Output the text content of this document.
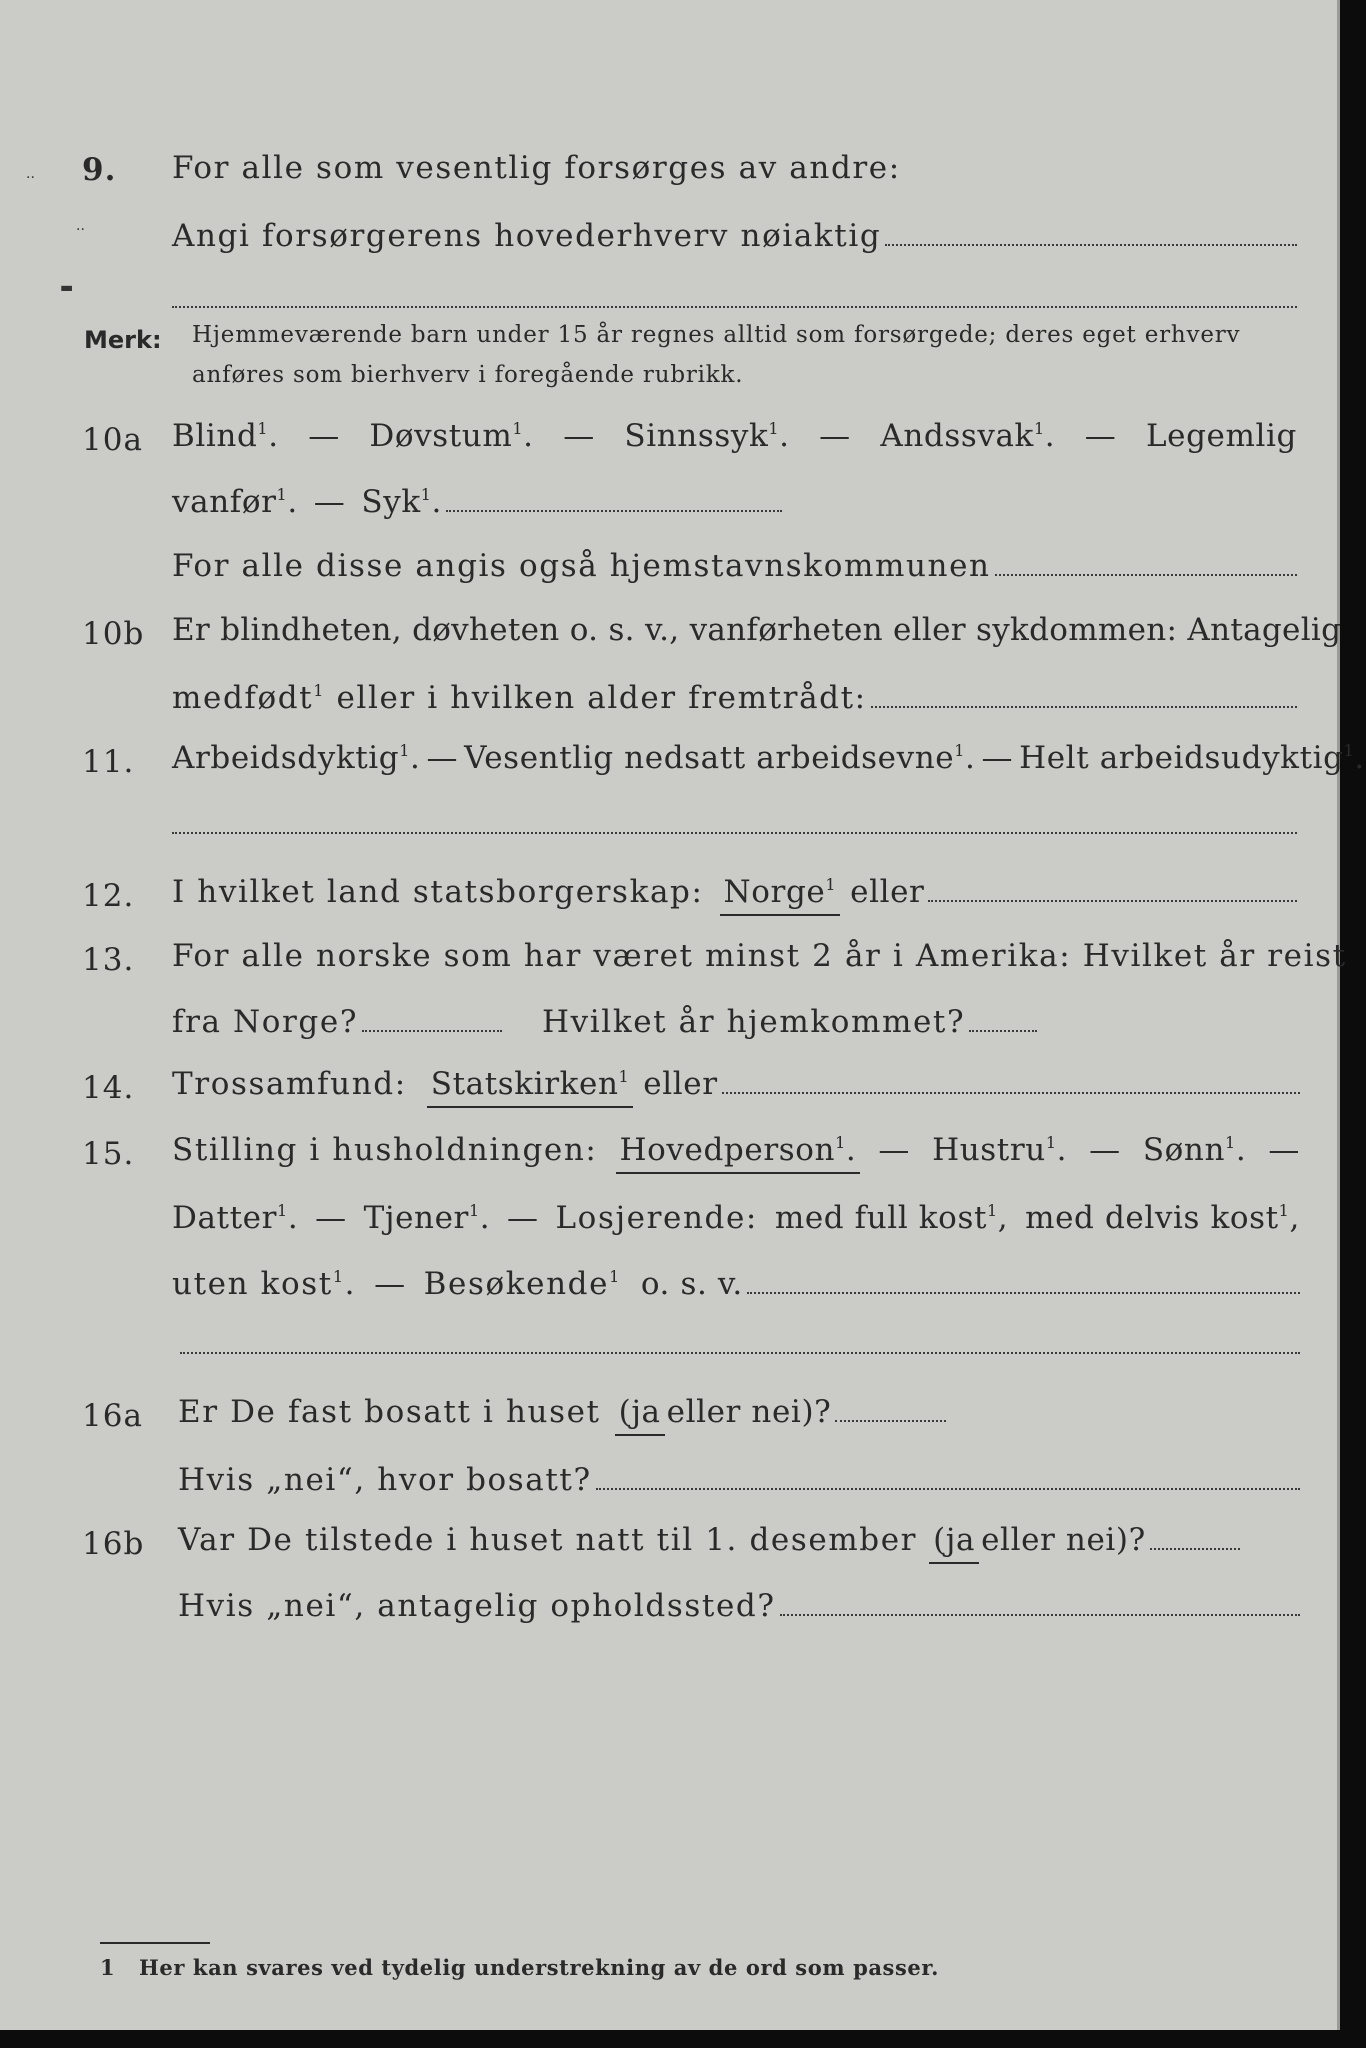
··
··
▬
9. For alle som vesentlig forsørges av andre:
Angi forsørgerens hovederhverv nøiaktig
Merk: Hjemmeværende barn under 15 år regnes alltid som forsørgede; deres eget erhverv
anføres som bierhverv i foregående rubrikk.
10a Blind$^1$. — Døvstum$^1$. — Sinnssyk$^1$. — Andssvak$^1$. — Legemlig
vanfør$^1$. — Syk$^1$.
For alle disse angis også hjemstavnskommunen
10b Er blindheten, døvheten o. s. v., vanførheten eller sykdommen: Antagelig
medfødt$^1$ eller i hvilken alder fremtrådt:
11. Arbeidsdyktig$^1$. — Vesentlig nedsatt arbeidsevne$^1$. — Helt arbeidsudyktig$^1$.
12. I hvilket land statsborgerskap: Norge$^1$ eller
13. For alle norske som har været minst 2 år i Amerika: Hvilket år reist
fra Norge?	Hvilket år hjemkommet?
14. Trossamfund: Statskirken$^1$ eller
15. Stilling i husholdningen: Hovedperson$^1$. — Hustru$^1$. — Sønn$^1$. —
Datter$^1$. — Tjener$^1$. — Losjerende: med full kost$^1$, med delvis kost$^1$,
uten kost$^1$. — Besøkende$^1$ o. s. v.
16a Er De fast bosatt i huset (ja eller nei)?
Hvis „nei“, hvor bosatt?
16b Var De tilstede i huset natt til 1. desember (ja eller nei)?
Hvis „nei“, antagelig opholdssted?
1 Her kan svares ved tydelig understrekning av de ord som passer.
